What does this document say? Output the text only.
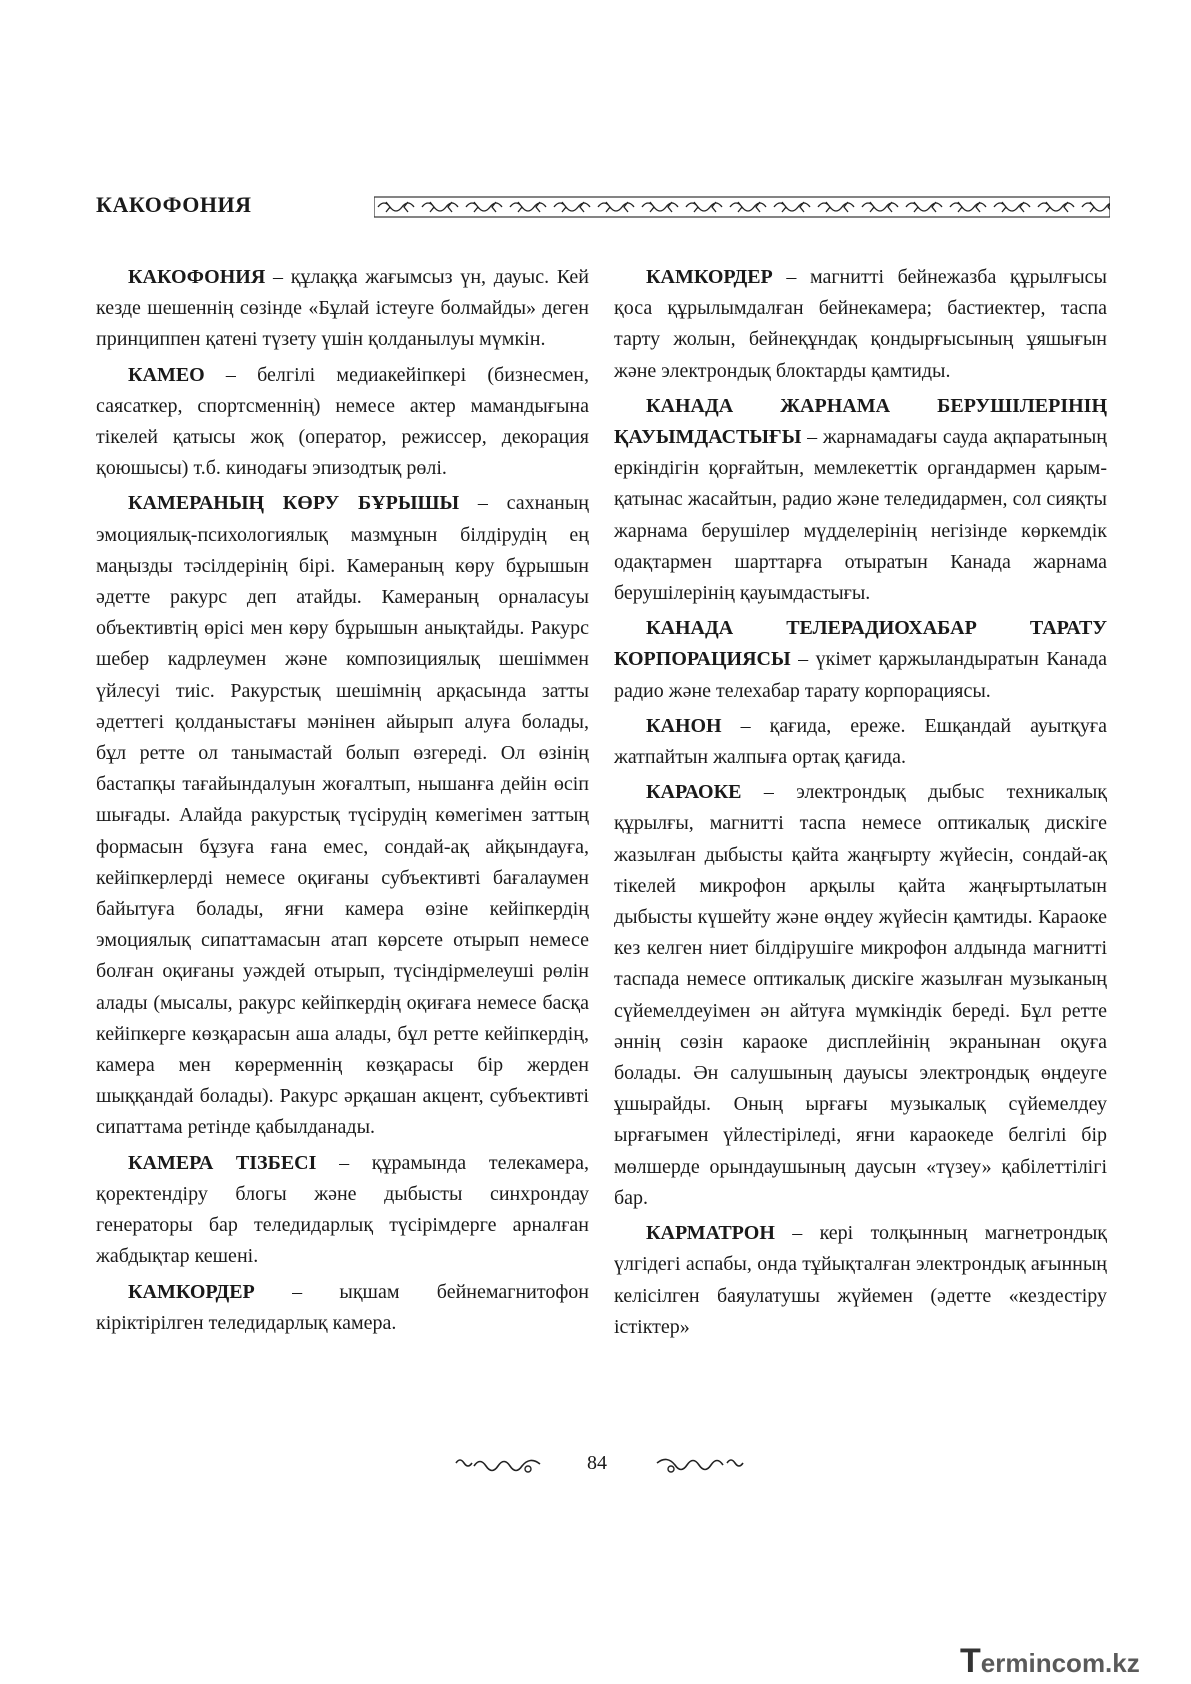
КАКОФОНИЯ

КАКОФОНИЯ – құлаққа жағымсыз үн, дауыс. Кей кезде шешеннің сөзінде «Бұлай істеуге болмайды» деген принциппен қатені түзету үшін қолданылуы мүмкін.

КАМЕО – белгілі медиакейіпкері (бизнесмен, саясаткер, спортсменнің) немесе актер мамандығына тікелей қатысы жоқ (оператор, режиссер, декорация қоюшысы) т.б. кинодағы эпизодтық рөлі.

КАМЕРАНЫҢ КӨРУ БҰРЫШЫ – сахнаның эмоциялық-психологиялық мазмұнын білдірудің ең маңызды тәсілдерінің бірі. Камераның көру бұрышын әдетте ракурс деп атайды. Камераның орналасуы объективтің өрісі мен көру бұрышын анықтайды. Ракурс шебер кадрлеумен және композициялық шешіммен үйлесуі тиіс. Ракурстық шешімнің арқасында затты әдеттегі қолданыстағы мәнінен айырып алуға болады, бұл ретте ол танымастай болып өзгереді. Ол өзінің бастапқы тағайындалуын жоғалтып, нышанға дейін өсіп шығады. Алайда ракурстық түсірудің көмегімен заттың формасын бұзуға ғана емес, сондай-ақ айқындауға, кейіпкерлерді немесе оқиғаны субъективті бағалаумен байытуға болады, яғни камера өзіне кейіпкердің эмоциялық сипаттамасын атап көрсете отырып немесе болған оқиғаны уәждей отырып, түсіндірмелеуші рөлін алады (мысалы, ракурс кейіпкердің оқиғаға немесе басқа кейіпкерге көзқарасын аша алады, бұл ретте кейіпкердің, камера мен көрерменнің көзқарасы бір жерден шыққандай болады). Ракурс әрқашан акцент, субъективті сипаттама ретінде қабылданады.

КАМЕРА ТІЗБЕСІ – құрамында телекамера, қоректендіру блогы және дыбысты синхрондау генераторы бар теледидарлық түсірімдерге арналған жабдықтар кешені.

КАМКОРДЕР – ықшам бейнемагнитофон кіріктірілген теледидарлық камера.

КАМКОРДЕР – магнитті бейнежазба құрылғысы қоса құрылымдалған бейнекамера; бастиектер, таспа тарту жолын, бейнеқұндақ қондырғысының ұяшығын және электрондық блоктарды қамтиды.

КАНАДА ЖАРНАМА БЕРУШІЛЕРІНІҢ ҚАУЫМДАСТЫҒЫ – жарнамадағы сауда ақпаратының еркіндігін қорғайтын, мемлекеттік органдармен қарым-қатынас жасайтын, радио және теледидармен, сол сияқты жарнама берушілер мүдделерінің негізінде көркемдік одақтармен шарттарға отыратын Канада жарнама берушілерінің қауымдастығы.

КАНАДА ТЕЛЕРАДИОХАБАР ТАРАТУ КОРПОРАЦИЯСЫ – үкімет қаржыландыратын Канада радио және телехабар тарату корпорациясы.

КАНОН – қағида, ереже. Ешқандай ауытқуға жатпайтын жалпыға ортақ қағида.

КАРАОКЕ – электрондық дыбыс техникалық құрылғы, магнитті таспа немесе оптикалық дискіге жазылған дыбысты қайта жаңғырту жүйесін, сондай-ақ тікелей микрофон арқылы қайта жаңғыртылатын дыбысты күшейту және өңдеу жүйесін қамтиды. Караоке кез келген ниет білдірушіге микрофон алдында магнитті таспада немесе оптикалық дискіге жазылған музыканың сүйемелдеуімен ән айтуға мүмкіндік береді. Бұл ретте әннің сөзін караоке дисплейінің экранынан оқуға болады. Ән салушының дауысы электрондық өңдеуге ұшырайды. Оның ырғағы музыкалық сүйемелдеу ырғағымен үйлестіріледі, яғни караокеде белгілі бір мөлшерде орындаушының даусын «түзеу» қабілеттілігі бар.

КАРМАТРОН – кері толқынның магнетрондық үлгідегі аспабы, онда тұйықталған электрондық ағынның келісілген баяулатушы жүйемен (әдетте «кездестіру істіктер»

84
Termincom.kz
